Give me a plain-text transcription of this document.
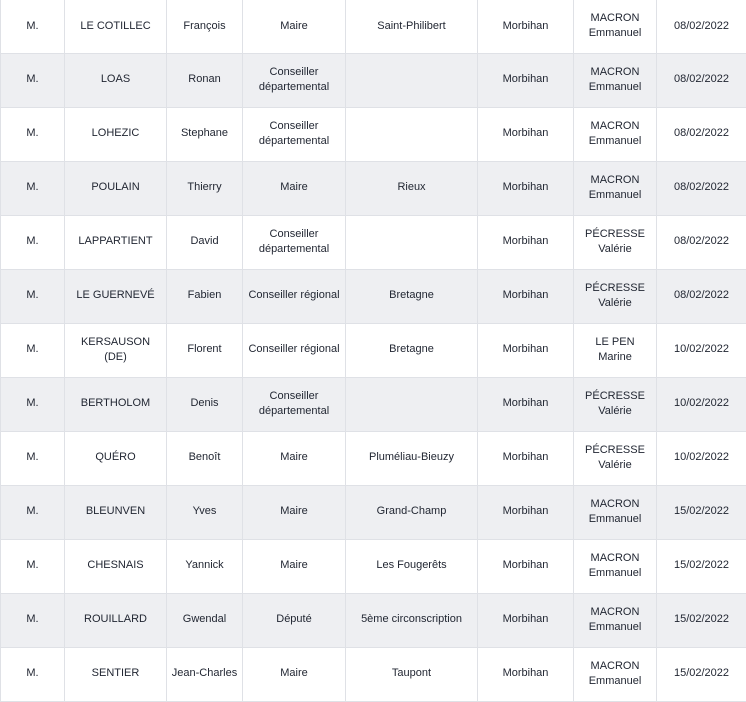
M.	LE COTILLEC	François	Maire	Saint-Philibert	Morbihan	MACRON Emmanuel	08/02/2022
M.	LOAS	Ronan	Conseiller départemental		Morbihan	MACRON Emmanuel	08/02/2022
M.	LOHEZIC	Stephane	Conseiller départemental		Morbihan	MACRON Emmanuel	08/02/2022
M.	POULAIN	Thierry	Maire	Rieux	Morbihan	MACRON Emmanuel	08/02/2022
M.	LAPPARTIENT	David	Conseiller départemental		Morbihan	PÉCRESSE Valérie	08/02/2022
M.	LE GUERNEVÉ	Fabien	Conseiller régional	Bretagne	Morbihan	PÉCRESSE Valérie	08/02/2022
M.	KERSAUSON (DE)	Florent	Conseiller régional	Bretagne	Morbihan	LE PEN Marine	10/02/2022
M.	BERTHOLOM	Denis	Conseiller départemental		Morbihan	PÉCRESSE Valérie	10/02/2022
M.	QUÉRO	Benoît	Maire	Pluméliau-Bieuzy	Morbihan	PÉCRESSE Valérie	10/02/2022
M.	BLEUNVEN	Yves	Maire	Grand-Champ	Morbihan	MACRON Emmanuel	15/02/2022
M.	CHESNAIS	Yannick	Maire	Les Fougerêts	Morbihan	MACRON Emmanuel	15/02/2022
M.	ROUILLARD	Gwendal	Député	5ème circonscription	Morbihan	MACRON Emmanuel	15/02/2022
M.	SENTIER	Jean-Charles	Maire	Taupont	Morbihan	MACRON Emmanuel	15/02/2022
